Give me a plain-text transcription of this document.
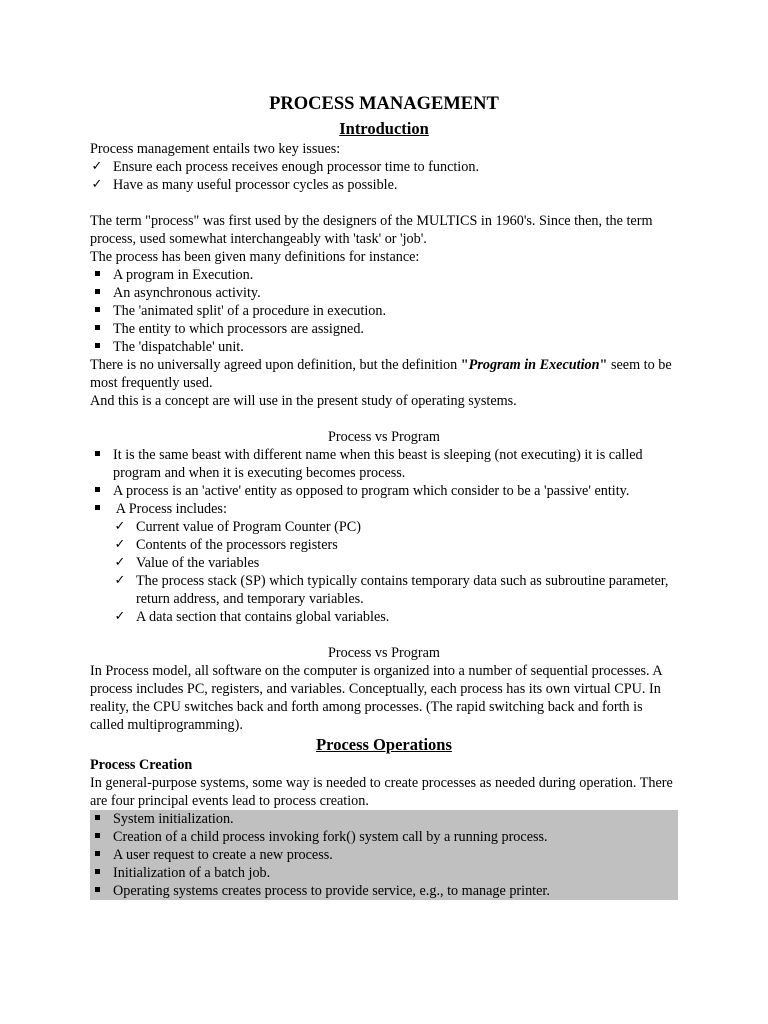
PROCESS MANAGEMENT
Introduction

Process management entails two key issues:

✓ Ensure each process receives enough processor time to function.
✓ Have as many useful processor cycles as possible.

The term "process" was first used by the designers of the MULTICS in 1960's. Since then, the term process, used somewhat interchangeably with 'task' or 'job'.

The process has been given many definitions for instance:

A program in Execution.
An asynchronous activity.
The 'animated split' of a procedure in execution.
The entity to which processors are assigned.
The 'dispatchable' unit.

There is no universally agreed upon definition, but the definition "Program in Execution" seem to be most frequently used.

And this is a concept are will use in the present study of operating systems.

Process vs Program

It is the same beast with different name when this beast is sleeping (not executing) it is called program and when it is executing becomes process.
A process is an 'active' entity as opposed to program which consider to be a 'passive' entity.
A Process includes:
✓ Current value of Program Counter (PC)
✓ Contents of the processors registers
✓ Value of the variables
✓ The process stack (SP) which typically contains temporary data such as subroutine parameter, return address, and temporary variables.
✓ A data section that contains global variables.

Process vs Program

In Process model, all software on the computer is organized into a number of sequential processes. A process includes PC, registers, and variables. Conceptually, each process has its own virtual CPU. In reality, the CPU switches back and forth among processes. (The rapid switching back and forth is called multiprogramming).

Process Operations

Process Creation

In general-purpose systems, some way is needed to create processes as needed during operation. There are four principal events lead to process creation.

System initialization.
Creation of a child process invoking fork() system call by a running process.
A user request to create a new process.
Initialization of a batch job.
Operating systems creates process to provide service, e.g., to manage printer.
